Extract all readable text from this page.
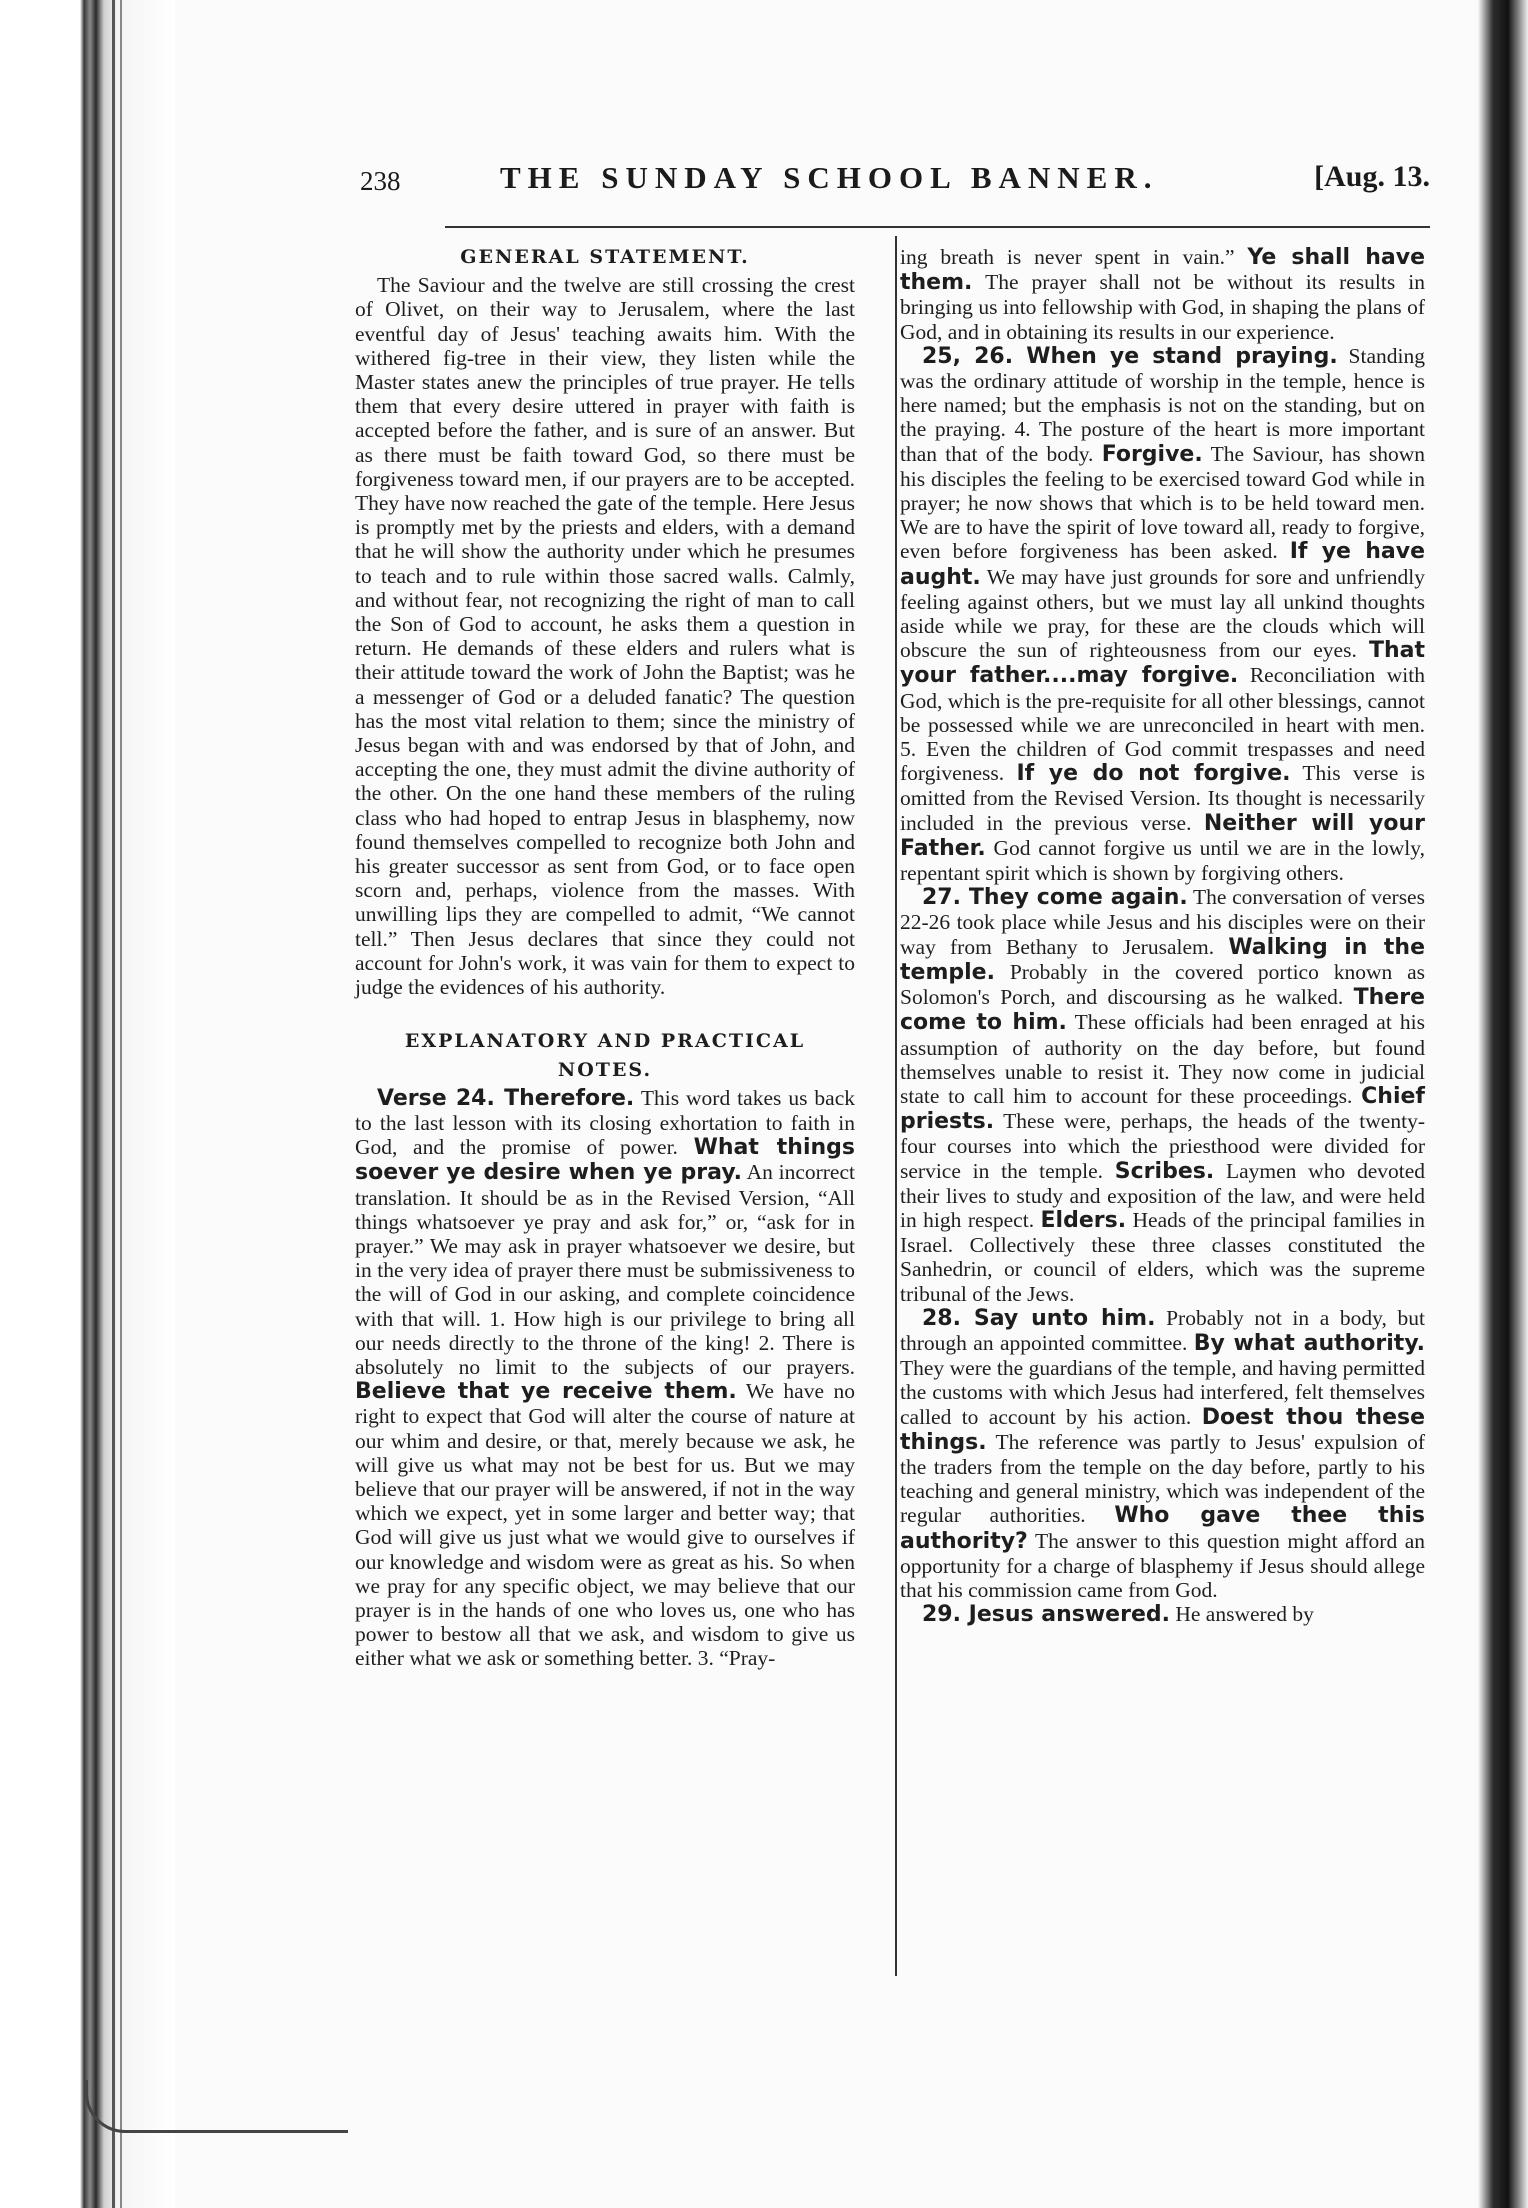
238	THE SUNDAY SCHOOL BANNER.	[Aug. 13.
GENERAL STATEMENT.

The Saviour and the twelve are still crossing the crest of Olivet, on their way to Jerusalem, where the last eventful day of Jesus' teaching awaits him. With the withered fig-tree in their view, they listen while the Master states anew the principles of true prayer. He tells them that every desire uttered in prayer with faith is accepted before the father, and is sure of an answer. But as there must be faith toward God, so there must be forgiveness toward men, if our prayers are to be accepted. They have now reached the gate of the temple. Here Jesus is promptly met by the priests and elders, with a demand that he will show the authority under which he presumes to teach and to rule within those sacred walls. Calmly, and without fear, not recognizing the right of man to call the Son of God to account, he asks them a question in return. He demands of these elders and rulers what is their attitude toward the work of John the Baptist; was he a messenger of God or a deluded fanatic? The question has the most vital relation to them; since the ministry of Jesus began with and was endorsed by that of John, and accepting the one, they must admit the divine authority of the other. On the one hand these members of the ruling class who had hoped to entrap Jesus in blasphemy, now found themselves compelled to recognize both John and his greater successor as sent from God, or to face open scorn and, perhaps, violence from the masses. With unwilling lips they are compelled to admit, “We cannot tell.” Then Jesus declares that since they could not account for John's work, it was vain for them to expect to judge the evidences of his authority.

EXPLANATORY AND PRACTICAL
NOTES.

Verse 24. Therefore. This word takes us back to the last lesson with its closing exhortation to faith in God, and the promise of power. What things soever ye desire when ye pray. An incorrect translation. It should be as in the Revised Version, “All things whatsoever ye pray and ask for,” or, “ask for in prayer.” We may ask in prayer whatsoever we desire, but in the very idea of prayer there must be submissiveness to the will of God in our asking, and complete coincidence with that will. 1. How high is our privilege to bring all our needs directly to the throne of the king! 2. There is absolutely no limit to the subjects of our prayers. Believe that ye receive them. We have no right to expect that God will alter the course of nature at our whim and desire, or that, merely because we ask, he will give us what may not be best for us. But we may believe that our prayer will be answered, if not in the way which we expect, yet in some larger and better way; that God will give us just what we would give to ourselves if our knowledge and wisdom were as great as his. So when we pray for any specific object, we may believe that our prayer is in the hands of one who loves us, one who has power to bestow all that we ask, and wisdom to give us either what we ask or something better. 3. “Pray-

ing breath is never spent in vain.” Ye shall have them. The prayer shall not be without its results in bringing us into fellowship with God, in shaping the plans of God, and in obtaining its results in our experience.

25, 26. When ye stand praying. Standing was the ordinary attitude of worship in the temple, hence is here named; but the emphasis is not on the standing, but on the praying. 4. The posture of the heart is more important than that of the body. Forgive. The Saviour, has shown his disciples the feeling to be exercised toward God while in prayer; he now shows that which is to be held toward men. We are to have the spirit of love toward all, ready to forgive, even before forgiveness has been asked. If ye have aught. We may have just grounds for sore and unfriendly feeling against others, but we must lay all unkind thoughts aside while we pray, for these are the clouds which will obscure the sun of righteousness from our eyes. That your father....may forgive. Reconciliation with God, which is the pre-requisite for all other blessings, cannot be possessed while we are unreconciled in heart with men. 5. Even the children of God commit trespasses and need forgiveness. If ye do not forgive. This verse is omitted from the Revised Version. Its thought is necessarily included in the previous verse. Neither will your Father. God cannot forgive us until we are in the lowly, repentant spirit which is shown by forgiving others.

27. They come again. The conversation of verses 22-26 took place while Jesus and his disciples were on their way from Bethany to Jerusalem. Walking in the temple. Probably in the covered portico known as Solomon's Porch, and discoursing as he walked. There come to him. These officials had been enraged at his assumption of authority on the day before, but found themselves unable to resist it. They now come in judicial state to call him to account for these proceedings. Chief priests. These were, perhaps, the heads of the twenty-four courses into which the priesthood were divided for service in the temple. Scribes. Laymen who devoted their lives to study and exposition of the law, and were held in high respect. Elders. Heads of the principal families in Israel. Collectively these three classes constituted the Sanhedrin, or council of elders, which was the supreme tribunal of the Jews.

28. Say unto him. Probably not in a body, but through an appointed committee. By what authority. They were the guardians of the temple, and having permitted the customs with which Jesus had interfered, felt themselves called to account by his action. Doest thou these things. The reference was partly to Jesus' expulsion of the traders from the temple on the day before, partly to his teaching and general ministry, which was independent of the regular authorities. Who gave thee this authority? The answer to this question might afford an opportunity for a charge of blasphemy if Jesus should allege that his commission came from God.

29. Jesus answered. He answered by
